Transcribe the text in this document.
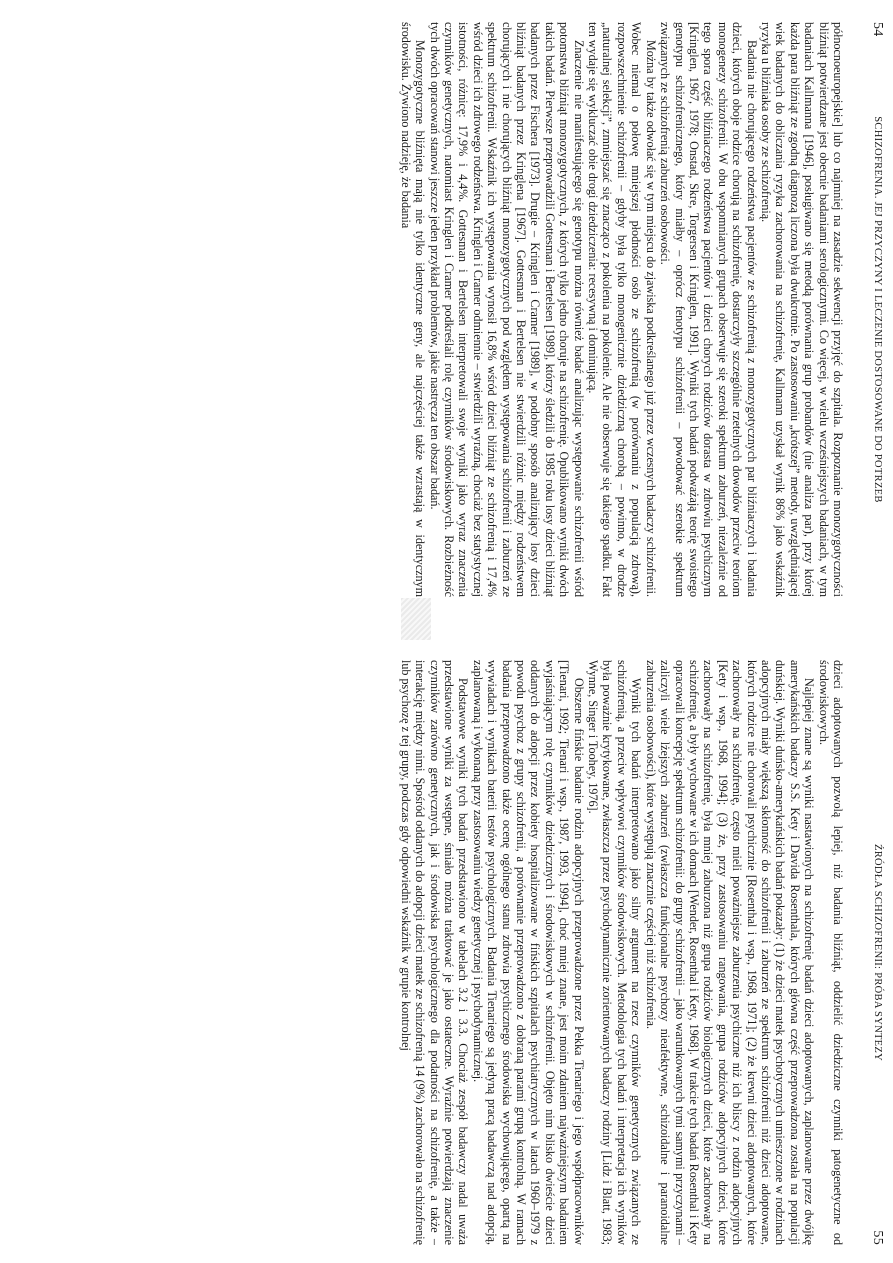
54
SCHIZOFRENIA. JEJ PRZYCZYNY I LECZENIE DOSTOSOWANE DO POTRZEB

północnoeuropejskie] lub co najmniej na zasadzie sekwencji przyjęć do szpitala. Rozpoznanie monozygotyczności bliźniąt potwierdzane jest obecnie badaniami serologicznymi. Co więcej, w wielu wcześniejszych badaniach, w tym badaniach Kallmanna [1946], posługiwano się metodą porównania grup probandów (nie analiza par), przy której każda para bliźniąt ze zgodną diagnozą liczona była dwukrotnie. Po zastosowaniu „krótszej” metody, uwzględniającej wiek badanych do obliczania ryzyka zachorowania na schizofrenię, Kallmann uzyskał wynik 86% jako wskaźnik ryzyka u bliźniaka osoby ze schizofrenią.

Badania nie chorującego rodzeństwa pacjentów ze schizofrenią z monozygotycznych par bliźniaczych i badania dzieci, których oboje rodzice chorują na schizofrenię, dostarczyły szczególnie rzetelnych dowodów przeciw teoriom monogenezy schizofrenii. W obu wspomnianych grupach obserwuje się szeroki spektrum zaburzeń, niezależnie od tego spora część bliźniaczego rodzeństwa pacjentów i dzieci chorych rodziców dorasta w zdrowiu psychicznym [Kringlen, 1967, 1978; Onstad, Skre, Torgersen i Kringlen, 1991]. Wyniki tych badań podważają teorię swoistego genotypu schizofrenicznego, który miałby – oprócz fenotypu schizofrenii – powodować szerokie spektrum związanych ze schizofrenią zaburzeń osobowości.

Można by także odwołać się w tym miejscu do zjawiska podkreślanego już przez wczesnych badaczy schizofrenii. Wobec niemal o połowę mniejszej płodności osób ze schizofrenią (w porównaniu z populacją zdrową), rozpowszechnienie schizofrenii – gdyby była tylko monogenicznie dziedziczną chorobą – powinno, w drodze „naturalnej selekcji”, zmniejszać się znacząco z pokolenia na pokolenie. Ale nie obserwuje się takiego spadku. Fakt ten wydaje się wykluczać obie drogi dziedziczenia: recesywną i dominującą.

Znaczenie nie manifestującego się genotypu można również badać analizując występowanie schizofrenii wśród potomstwa bliźniąt monozygotycznych, z których tylko jedno choruje na schizofrenię. Opublikowano wyniki dwóch takich badań. Pierwsze przeprowadzili Gottesman i Bertelsen [1989], którzy śledzili do 1985 roku losy dzieci bliźniąt badanych przez Fischera [1973]. Drugie – Kringlen i Cramer [1989], w podobny sposób analizujący losy dzieci bliźniąt badanych przez Kringlena [1967]. Gottesman i Bertelsen nie stwierdzili różnic między rodzeństwem chorujących i nie chorujących bliźniąt monozygotycznych pod względem występowania schizofrenii i zaburzeń ze spektrum schizofrenii. Wskaźnik ich występowania wynosił 16,8% wśród dzieci bliźniąt ze schizofrenią i 17,4% wśród dzieci ich zdrowego rodzeństwa. Kringlen i Cramer odmiennie – stwierdzili wyraźną, chociaż bez statystycznej istotności, różnicę: 17,9% i 4,4%. Gottesman i Bertelsen interpretowali swoje wyniki jako wyraz znaczenia czynników genetycznych, natomiast Kringlen i Cramer podkreślali rolę czynników środowiskowych. Rozbieżność tych dwóch opracowań stanowi jeszcze jeden przykład problemów, jakie nastręcza ten obszar badań.

Monozygotyczne bliźnięta mają nie tylko identyczne geny, ale najczęściej także wzrastają w identycznym środowisku. Żywiono nadzieję, że badania

ŹRÓDŁA SCHIZOFRENII: PRÓBA SYNTEZY
55

dzieci adoptowanych pozwolą lepiej, niż badania bliźniąt, oddzielić dziedziczne czynniki patogenetyczne od środowiskowych.

Najlepiej znane są wyniki nastawionych na schizofrenię badań dzieci adoptowanych, zaplanowane przez dwójkę amerykańskich badaczy S.S. Kety i Davida Rosenthala, których główna część przeprowadzona została na populacji duńskiej. Wyniki duńsko-amerykańskich badań pokazały: (1) że dzieci matek psychotycznych umieszczone w rodzinach adopcyjnych miały większą skłonność do schizofrenii i zaburzeń ze spektrum schizofrenii niż dzieci adoptowane, których rodzice nie chorowali psychicznie [Rosenthal i wsp., 1968, 1971]; (2) że krewni dzieci adoptowanych, które zachorowały na schizofrenię, często mieli poważniejsze zaburzenia psychiczne niż ich bliscy z rodzin adopcyjnych [Kety i wsp., 1968, 1994]; (3) że, przy zastosowaniu rangowania, grupa rodziców adopcyjnych dzieci, które zachorowały na schizofrenię, była mniej zaburzona niż grupa rodziców biologicznych dzieci, które zachorowały na schizofrenię, a były wychowane w ich domach [Wender, Rosenthal i Kety, 1968]. W trakcie tych badań Rosenthal i Kety opracowali koncepcję spektrum schizofrenii: do grupy schizofrenii – jako warunkowanych tymi samymi przyczynami – zaliczyli wiele lżejszych zaburzeń (zwłaszcza funkcjonalne psychozy nieafektywne, schizoidalne i paranoidalne zaburzenia osobowości), które występują znacznie częściej niż schizofrenia.

Wyniki tych badań interpretowano jako silny argument na rzecz czynników genetycznych związanych ze schizofrenią, a przeciw wpływowi czynników środowiskowych. Metodologia tych badań i interpretacja ich wyników była poważnie krytykowane, zwłaszcza przez psychodynamicznie zorientowanych badaczy rodziny [Lidz i Blatt, 1983; Wynne, Singer i Toohey, 1976].

Obszerne fińskie badanie rodzin adopcyjnych przeprowadzone przez Pekka Tienariego i jego współpracowników [Tienari, 1992; Tienari i wsp., 1987, 1993, 1994], choć mniej znane, jest moim zdaniem najważniejszym badaniem wyjaśniającym rolę czynników dziedzicznych i środowiskowych w schizofrenii. Objęto nim blisko dwieście dzieci oddanych do adopcji przez kobiety hospitalizowane w fińskich szpitalach psychiatrycznych w latach 1960–1979 z powodu psychoz z grupy schizofrenii, a porównanie przeprowadzono z dobraną parami grupą kontrolną. W ramach badania przeprowadzono także ocenę ogólnego stanu zdrowia psychicznego środowiska wychowującego, opartą na wywiadach i wynikach baterii testów psychologicznych. Badania Tienariego są jedyną pracą badawczą nad adopcją, zaplanowaną i wykonaną przy zastosowaniu wiedzy genetycznej i psychodynamicznej.

Podstawowe wyniki tych badań przedstawiono w tabelach 3.2 i 3.3. Chociaż zespół badawczy nadal uważa przedstawione wyniki za wstępne, śmiało można traktować je jako ostateczne. Wyraźnie potwierdzają znaczenie czynników zarówno genetycznych, jak i środowiska psychologicznego dla podatności na schizofrenię, a także – interakcję między nimi. Spośród oddanych do adopcji dzieci matek ze schizofrenią 14 (9%) zachorowało na schizofrenię lub psychozę z tej grupy, podczas gdy odpowiedni wskaźnik w grupie kontrolnej
